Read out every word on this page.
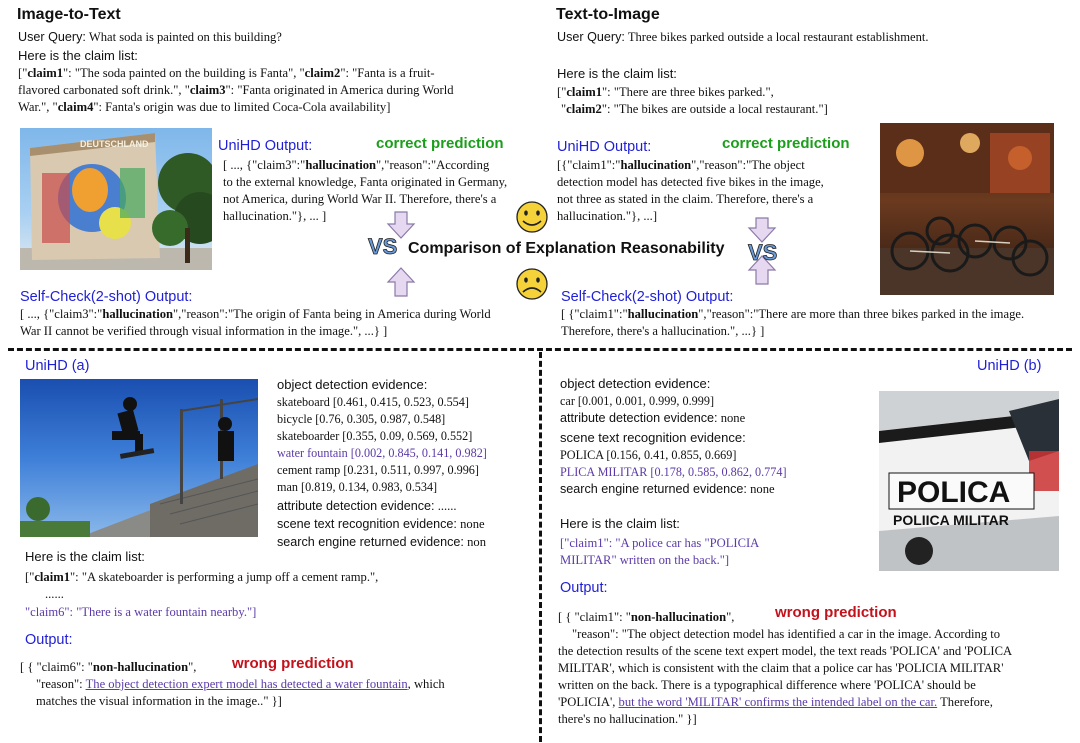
Image-to-Text
User Query: What soda is painted on this building?
Here is the claim list:
["claim1": "The soda painted on the building is Fanta", "claim2": "Fanta is a fruit-
flavored carbonated soft drink.", "claim3": "Fanta originated in America during World
War.", "claim4": Fanta's origin was due to limited Coca-Cola availability]
DEUTSCHLAND	UniHD Output:	correct prediction
[ ..., {"claim3":"hallucination","reason":"According
to the external knowledge, Fanta originated in Germany,
not America, during World War II. Therefore, there's a
hallucination."}, ... ]
Self-Check(2-shot) Output:
[ ..., {"claim3":"hallucination","reason":"The origin of Fanta being in America during World
War II cannot be verified through visual information in the image.", ...} ]
Text-to-Image
User Query: Three bikes parked outside a local restaurant establishment.
Here is the claim list:
["claim1": "There are three bikes parked.",
"claim2": "The bikes are outside a local restaurant."]
UniHD Output:	correct prediction
[{"claim1":"hallucination","reason":"The object
detection model has detected five bikes in the image,
not three as stated in the claim. Therefore, there's a
hallucination."}, ...]
Self-Check(2-shot) Output:
[ {"claim1":"hallucination","reason":"There are more than three bikes parked in the image.
Therefore, there's a hallucination.", ...} ]
VS	VS
Comparison of Explanation Reasonability
UniHD (a)
object detection evidence:
skateboard [0.461, 0.415, 0.523, 0.554]
bicycle [0.76, 0.305, 0.987, 0.548]
skateboarder [0.355, 0.09, 0.569, 0.552]
water fountain [0.002, 0.845, 0.141, 0.982]
cement ramp [0.231, 0.511, 0.997, 0.996]
man [0.819, 0.134, 0.983, 0.534]
attribute detection evidence: ......
scene text recognition evidence: none
search engine returned evidence: non
Here is the claim list:
["claim1": "A skateboarder is performing a jump off a cement ramp.",
......
"claim6": "There is a water fountain nearby."]
Output:
wrong prediction
[ { "claim6": "non-hallucination",
"reason": The object detection expert model has detected a water fountain, which
matches the visual information in the image.." }]
UniHD (b)
object detection evidence:
car [0.001, 0.001, 0.999, 0.999]
attribute detection evidence: none
scene text recognition evidence:
POLICA [0.156, 0.41, 0.855, 0.669]
PLICA MILITAR [0.178, 0.585, 0.862, 0.774]
search engine returned evidence: none	POLICA
POLIICA MILITAR
Here is the claim list:
["claim1": "A police car has "POLICIA
MILITAR" written on the back."]
Output:
wrong prediction
[ { "claim1": "non-hallucination",
"reason": "The object detection model has identified a car in the image. According to
the detection results of the scene text expert model, the text reads 'POLICA' and 'POLICA
MILITAR', which is consistent with the claim that a police car has 'POLICIA MILITAR'
written on the back. There is a typographical difference where 'POLICA' should be
'POLICIA', but the word 'MILITAR' confirms the intended label on the car. Therefore,
there's no hallucination." }]
